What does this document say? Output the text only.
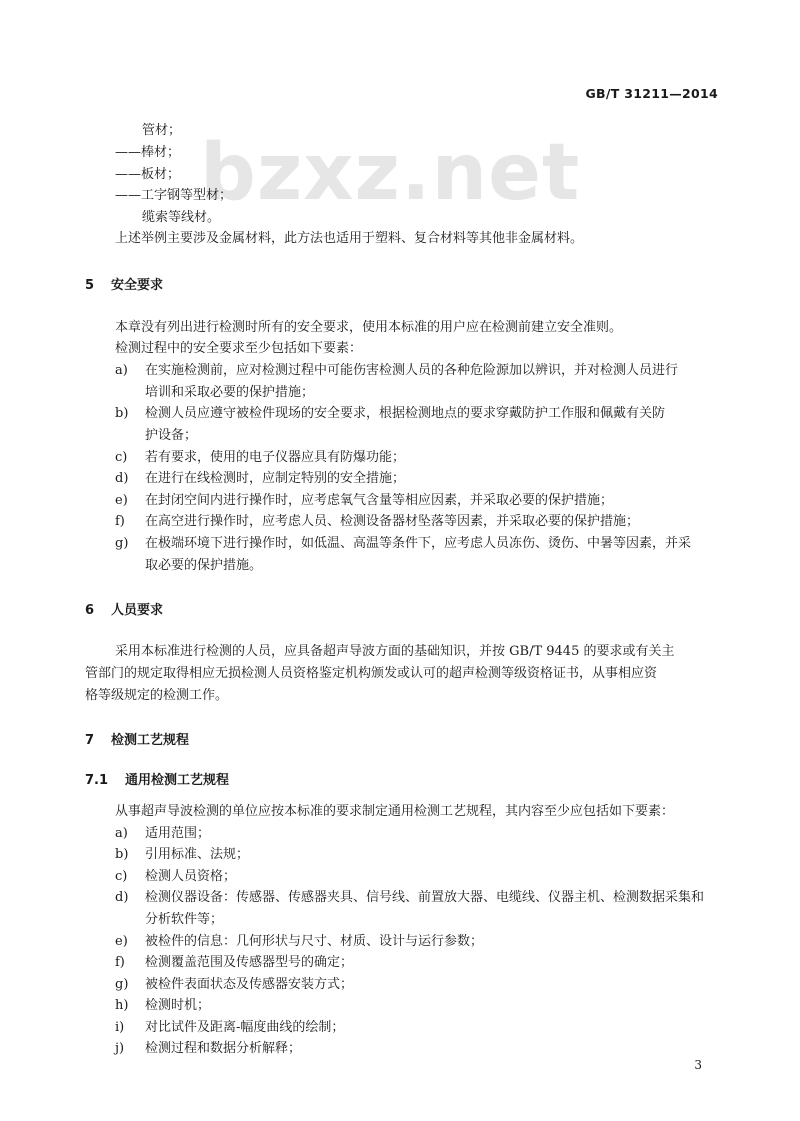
bzxz.net
GB/T 31211—2014
管材；
——棒材；
——板材；
——工字钢等型材；
缆索等线材。
上述举例主要涉及金属材料，此方法也适用于塑料、复合材料等其他非金属材料。
5 安全要求
本章没有列出进行检测时所有的安全要求，使用本标准的用户应在检测前建立安全准则。
检测过程中的安全要求至少包括如下要素：
a) 在实施检测前，应对检测过程中可能伤害检测人员的各种危险源加以辨识，并对检测人员进行
培训和采取必要的保护措施；
b) 检测人员应遵守被检件现场的安全要求，根据检测地点的要求穿戴防护工作服和佩戴有关防
护设备；
c) 若有要求，使用的电子仪器应具有防爆功能；
d) 在进行在线检测时，应制定特别的安全措施；
e) 在封闭空间内进行操作时，应考虑氧气含量等相应因素，并采取必要的保护措施；
f) 在高空进行操作时，应考虑人员、检测设备器材坠落等因素，并采取必要的保护措施；
g) 在极端环境下进行操作时，如低温、高温等条件下，应考虑人员冻伤、烫伤、中暑等因素，并采
取必要的保护措施。
6 人员要求
采用本标准进行检测的人员，应具备超声导波方面的基础知识，并按 GB/T 9445 的要求或有关主
管部门的规定取得相应无损检测人员资格鉴定机构颁发或认可的超声检测等级资格证书，从事相应资
格等级规定的检测工作。
7 检测工艺规程
7.1 通用检测工艺规程
从事超声导波检测的单位应按本标准的要求制定通用检测工艺规程，其内容至少应包括如下要素：
a) 适用范围；
b) 引用标准、法规；
c) 检测人员资格；
d) 检测仪器设备：传感器、传感器夹具、信号线、前置放大器、电缆线、仪器主机、检测数据采集和
分析软件等；
e) 被检件的信息：几何形状与尺寸、材质、设计与运行参数；
f) 检测覆盖范围及传感器型号的确定；
g) 被检件表面状态及传感器安装方式；
h) 检测时机；
i) 对比试件及距离-幅度曲线的绘制；
j) 检测过程和数据分析解释；
3
